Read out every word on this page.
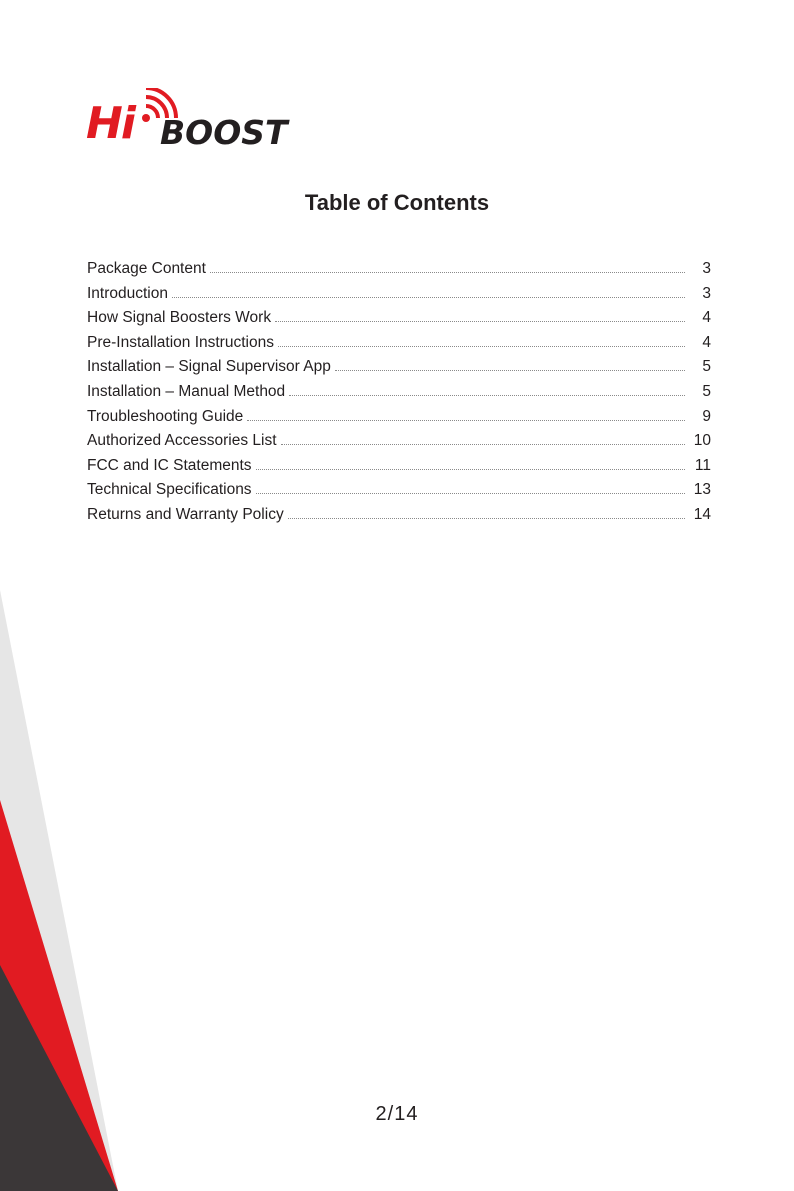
Hi BOOST
Table of Contents
Package Content	3
Introduction	3
How Signal Boosters Work	4
Pre-Installation Instructions	4
Installation – Signal Supervisor App	5
Installation – Manual Method	5
Troubleshooting Guide	9
Authorized Accessories List	10
FCC and IC Statements	11
Technical Specifications	13
Returns and Warranty Policy	14
2/14
